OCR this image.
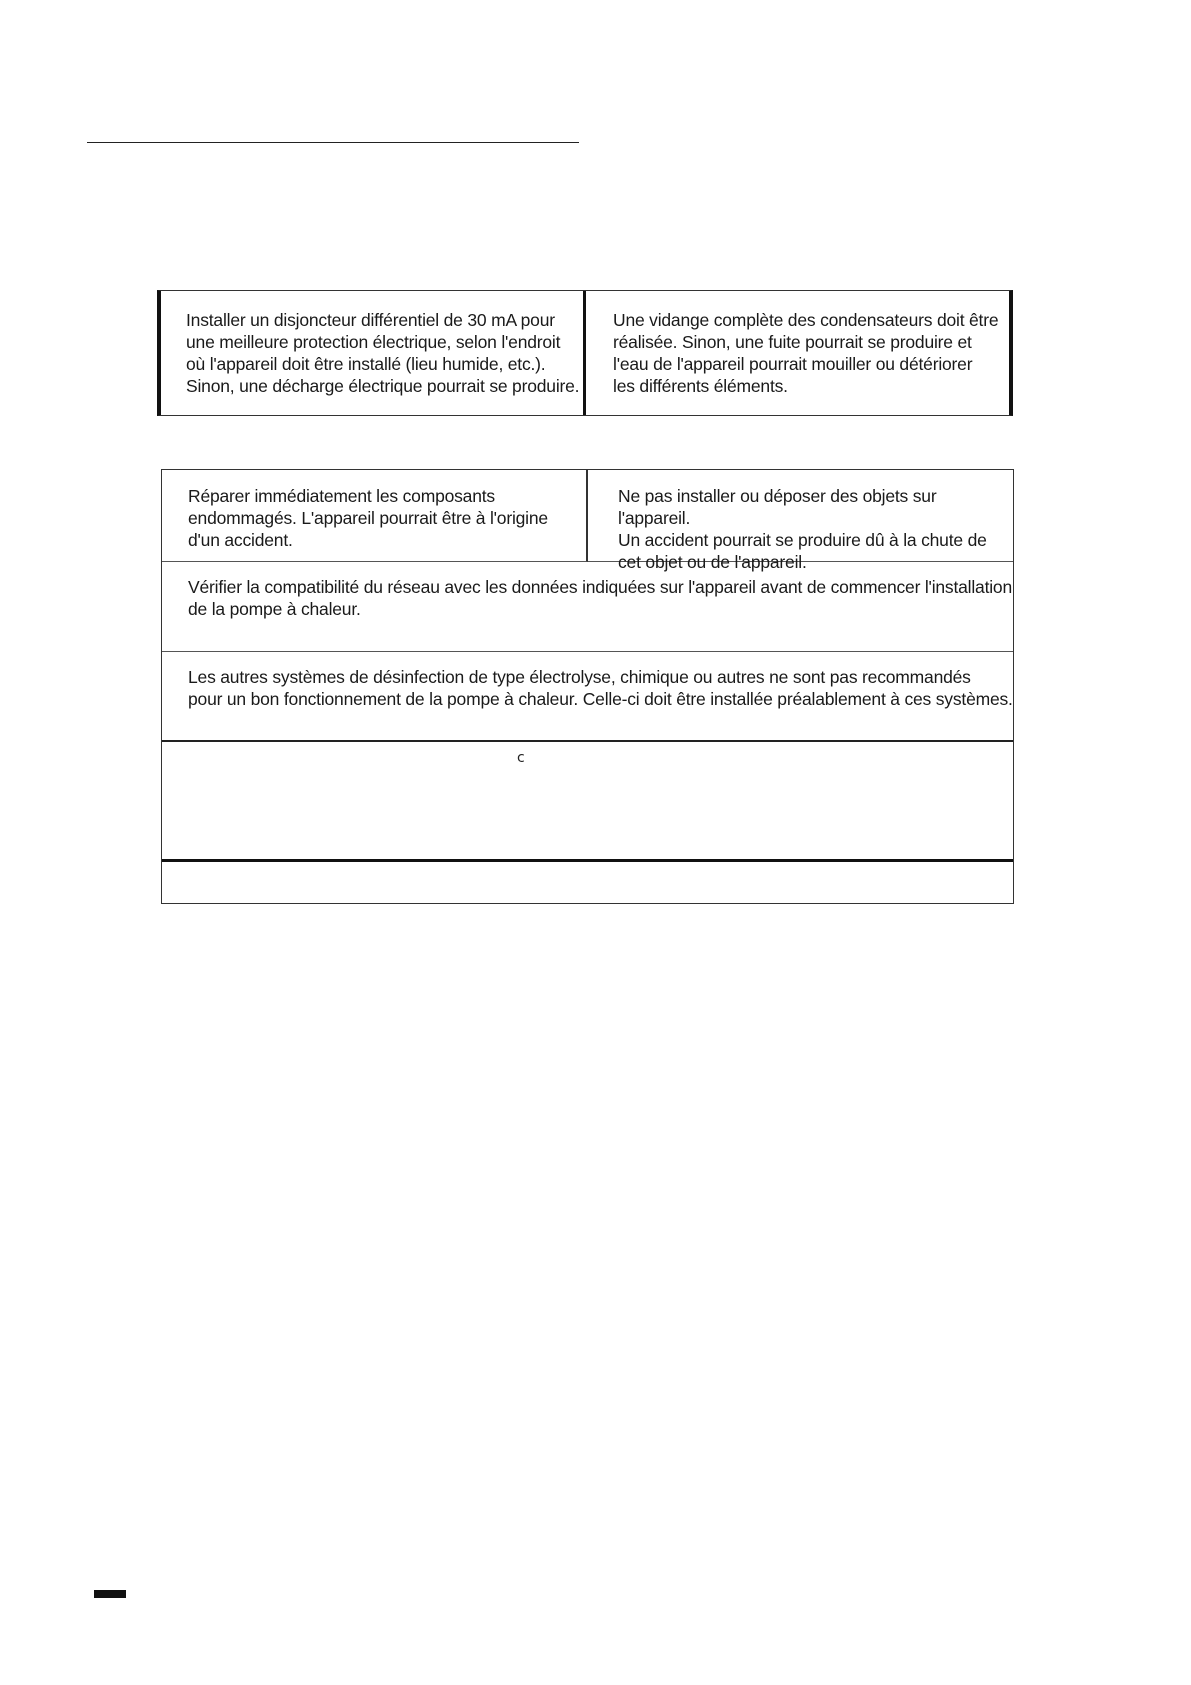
Installer un disjoncteur différentiel de 30 mA pour
une meilleure protection électrique, selon l'endroit
où l'appareil doit être installé (lieu humide, etc.).
Sinon, une décharge électrique pourrait se produire.
Une vidange complète des condensateurs doit être
réalisée. Sinon, une fuite pourrait se produire et
l'eau de l'appareil pourrait mouiller ou détériorer
les différents éléments.
Réparer immédiatement les composants
endommagés. L'appareil pourrait être à l'origine
d'un accident.
Ne pas installer ou déposer des objets sur l'appareil.
Un accident pourrait se produire dû à la chute de
cet objet ou de l'appareil.
Vérifier la compatibilité du réseau avec les données indiquées sur l'appareil avant de commencer l'installation
de la pompe à chaleur.
Les autres systèmes de désinfection de type électrolyse, chimique ou autres ne sont pas recommandés
pour un bon fonctionnement de la pompe à chaleur. Celle-ci doit être installée préalablement à ces systèmes.
c
